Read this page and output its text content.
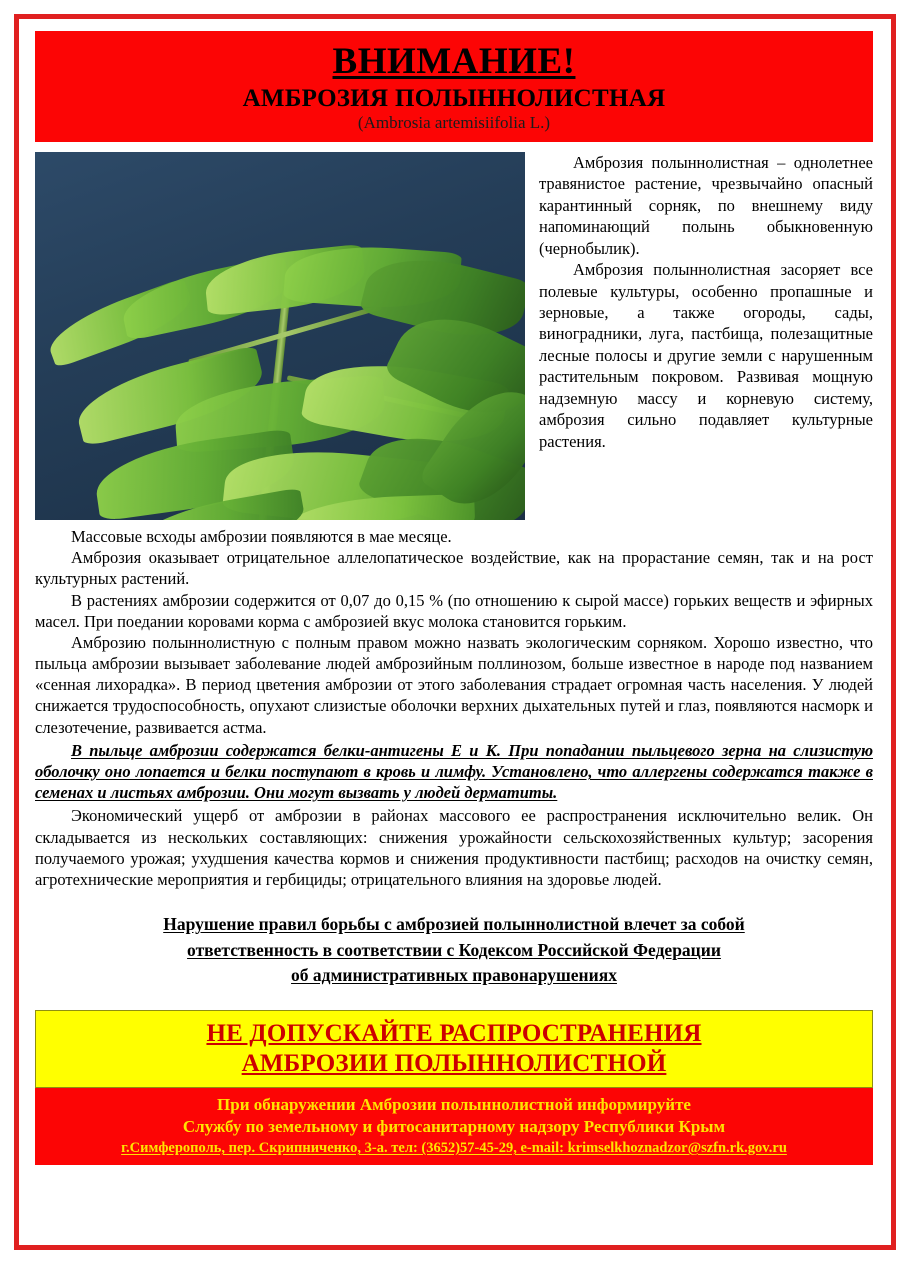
ВНИМАНИЕ!
АМБРОЗИЯ ПОЛЫННОЛИСТНАЯ
(Ambrosia artemisiifolia L.)

Амброзия полыннолистная – однолетнее травянистое растение, чрезвычайно опасный карантинный сорняк, по внешнему виду напоминающий полынь обыкновенную (чернобылик).

Амброзия полыннолистная засоряет все полевые культуры, особенно пропашные и зерновые, а также огороды, сады, виноградники, луга, пастбища, полезащитные лесные полосы и другие земли с нарушенным растительным покровом. Развивая мощную надземную массу и корневую систему, амброзия сильно подавляет культурные растения.

Массовые всходы амброзии появляются в мае месяце.

Амброзия оказывает отрицательное аллелопатическое воздействие, как на прорастание семян, так и на рост культурных растений.

В растениях амброзии содержится от 0,07 до 0,15 % (по отношению к сырой массе) горьких веществ и эфирных масел. При поедании коровами корма с амброзией вкус молока становится горьким.

Амброзию полыннолистную с полным правом можно назвать экологическим сорняком. Хорошо известно, что пыльца амброзии вызывает заболевание людей амброзийным поллинозом, больше известное в народе под названием «сенная лихорадка». В период цветения амброзии от этого заболевания страдает огромная часть населения. У людей снижается трудоспособность, опухают слизистые оболочки верхних дыхательных путей и глаз, появляются насморк и слезотечение, развивается астма.

В пыльце амброзии содержатся белки-антигены Е и К. При попадании пыльцевого зерна на слизистую оболочку оно лопается и белки поступают в кровь и лимфу. Установлено, что аллергены содержатся также в семенах и листьях амброзии. Они могут вызвать у людей дерматиты.

Экономический ущерб от амброзии в районах массового ее распространения исключительно велик. Он складывается из нескольких составляющих: снижения урожайности сельскохозяйственных культур; засорения получаемого урожая; ухудшения качества кормов и снижения продуктивности пастбищ; расходов на очистку семян, агротехнические мероприятия и гербициды; отрицательного влияния на здоровье людей.

Нарушение правил борьбы с амброзией полыннолистной влечет за собой
ответственность в соответствии с Кодексом Российской Федерации
об административных правонарушениях
НЕ ДОПУСКАЙТЕ РАСПРОСТРАНЕНИЯ
АМБРОЗИИ ПОЛЫННОЛИСТНОЙ
При обнаружении Амброзии полыннолистной информируйте
Службу по земельному и фитосанитарному надзору Республики Крым
г.Симферополь, пер. Скрипниченко, 3-а. тел: (3652)57-45-29, e-mail: krimselkhoznadzor@szfn.rk.gov.ru
